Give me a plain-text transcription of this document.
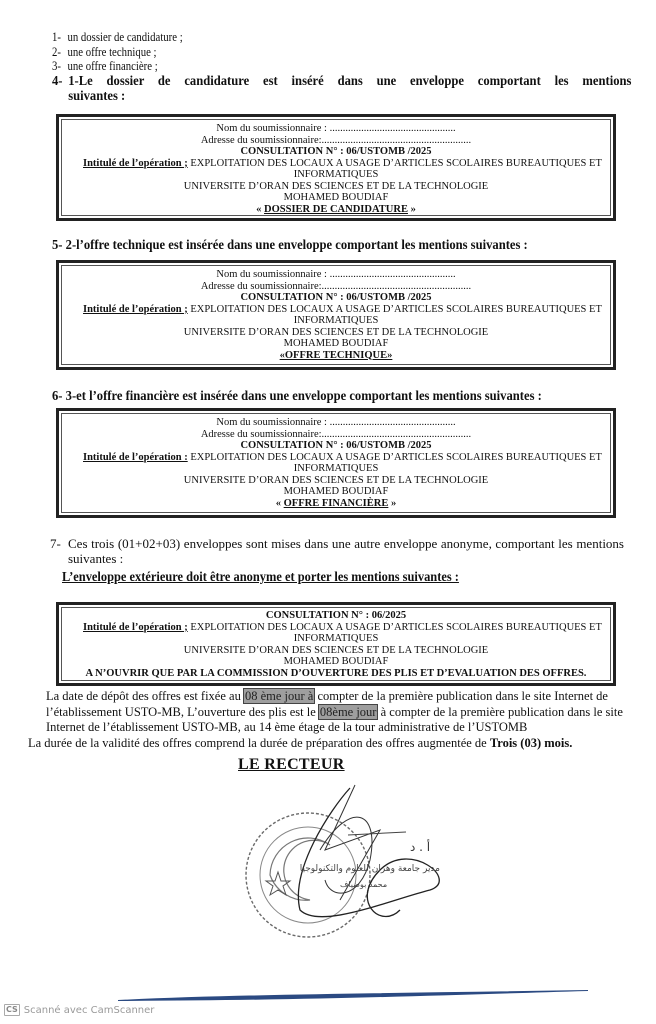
1- un dossier de candidature ;
2- une offre technique ;
3- une offre financière ;
4- 1-Le dossier de candidature est inséré dans une enveloppe comportant les mentions
suivantes :
Nom du soumissionnaire : ................................................
Adresse du soumissionnaire:.........................................................
CONSULTATION N° : 06/USTOMB /2025
Intitulé de l’opération ; EXPLOITATION DES LOCAUX A USAGE D’ARTICLES SCOLAIRES BUREAUTIQUES ET
INFORMATIQUES
UNIVERSITE D’ORAN DES SCIENCES ET DE LA TECHNOLOGIE
MOHAMED BOUDIAF
« DOSSIER DE CANDIDATURE »
5- 2-l’offre technique est insérée dans une enveloppe comportant les mentions suivantes :
Nom du soumissionnaire : ................................................
Adresse du soumissionnaire:.........................................................
CONSULTATION N° : 06/USTOMB /2025
Intitulé de l’opération ; EXPLOITATION DES LOCAUX A USAGE D’ARTICLES SCOLAIRES BUREAUTIQUES ET
INFORMATIQUES
UNIVERSITE D’ORAN DES SCIENCES ET DE LA TECHNOLOGIE
MOHAMED BOUDIAF
«OFFRE TECHNIQUE»
6- 3-et l’offre financière est insérée dans une enveloppe comportant les mentions suivantes :
Nom du soumissionnaire : ................................................
Adresse du soumissionnaire:.........................................................
CONSULTATION N° : 06/USTOMB /2025
Intitulé de l’opération : EXPLOITATION DES LOCAUX A USAGE D’ARTICLES SCOLAIRES BUREAUTIQUES ET
INFORMATIQUES
UNIVERSITE D’ORAN DES SCIENCES ET DE LA TECHNOLOGIE
MOHAMED BOUDIAF
« OFFRE FINANCIÈRE »
7- Ces trois (01+02+03) enveloppes sont mises dans une autre enveloppe anonyme, comportant les mentions suivantes :
L’enveloppe extérieure doit être anonyme et porter les mentions suivantes :
CONSULTATION N° : 06/2025
Intitulé de l’opération ; EXPLOITATION DES LOCAUX A USAGE D’ARTICLES SCOLAIRES BUREAUTIQUES ET
INFORMATIQUES
UNIVERSITE D’ORAN DES SCIENCES ET DE LA TECHNOLOGIE
MOHAMED BOUDIAF
A N’OUVRIR QUE PAR LA COMMISSION D’OUVERTURE DES PLIS ET D’EVALUATION DES OFFRES.
La date de dépôt des offres est fixée au 08 ème jour à compter de la première publication dans le site Internet de
l’établissement USTO-MB, L’ouverture des plis est le 08ème jour à compter de la première publication dans le site
Internet de l’établissement USTO-MB, au 14 ème étage de la tour administrative de l’USTOMB
La durée de la validité des offres comprend la durée de préparation des offres augmentée de Trois (03) mois.
LE RECTEUR
أ . د
مدير جامعة وهران للعلوم والتكنولوجيا
محمد بوضياف
CS Scanné avec CamScanner
